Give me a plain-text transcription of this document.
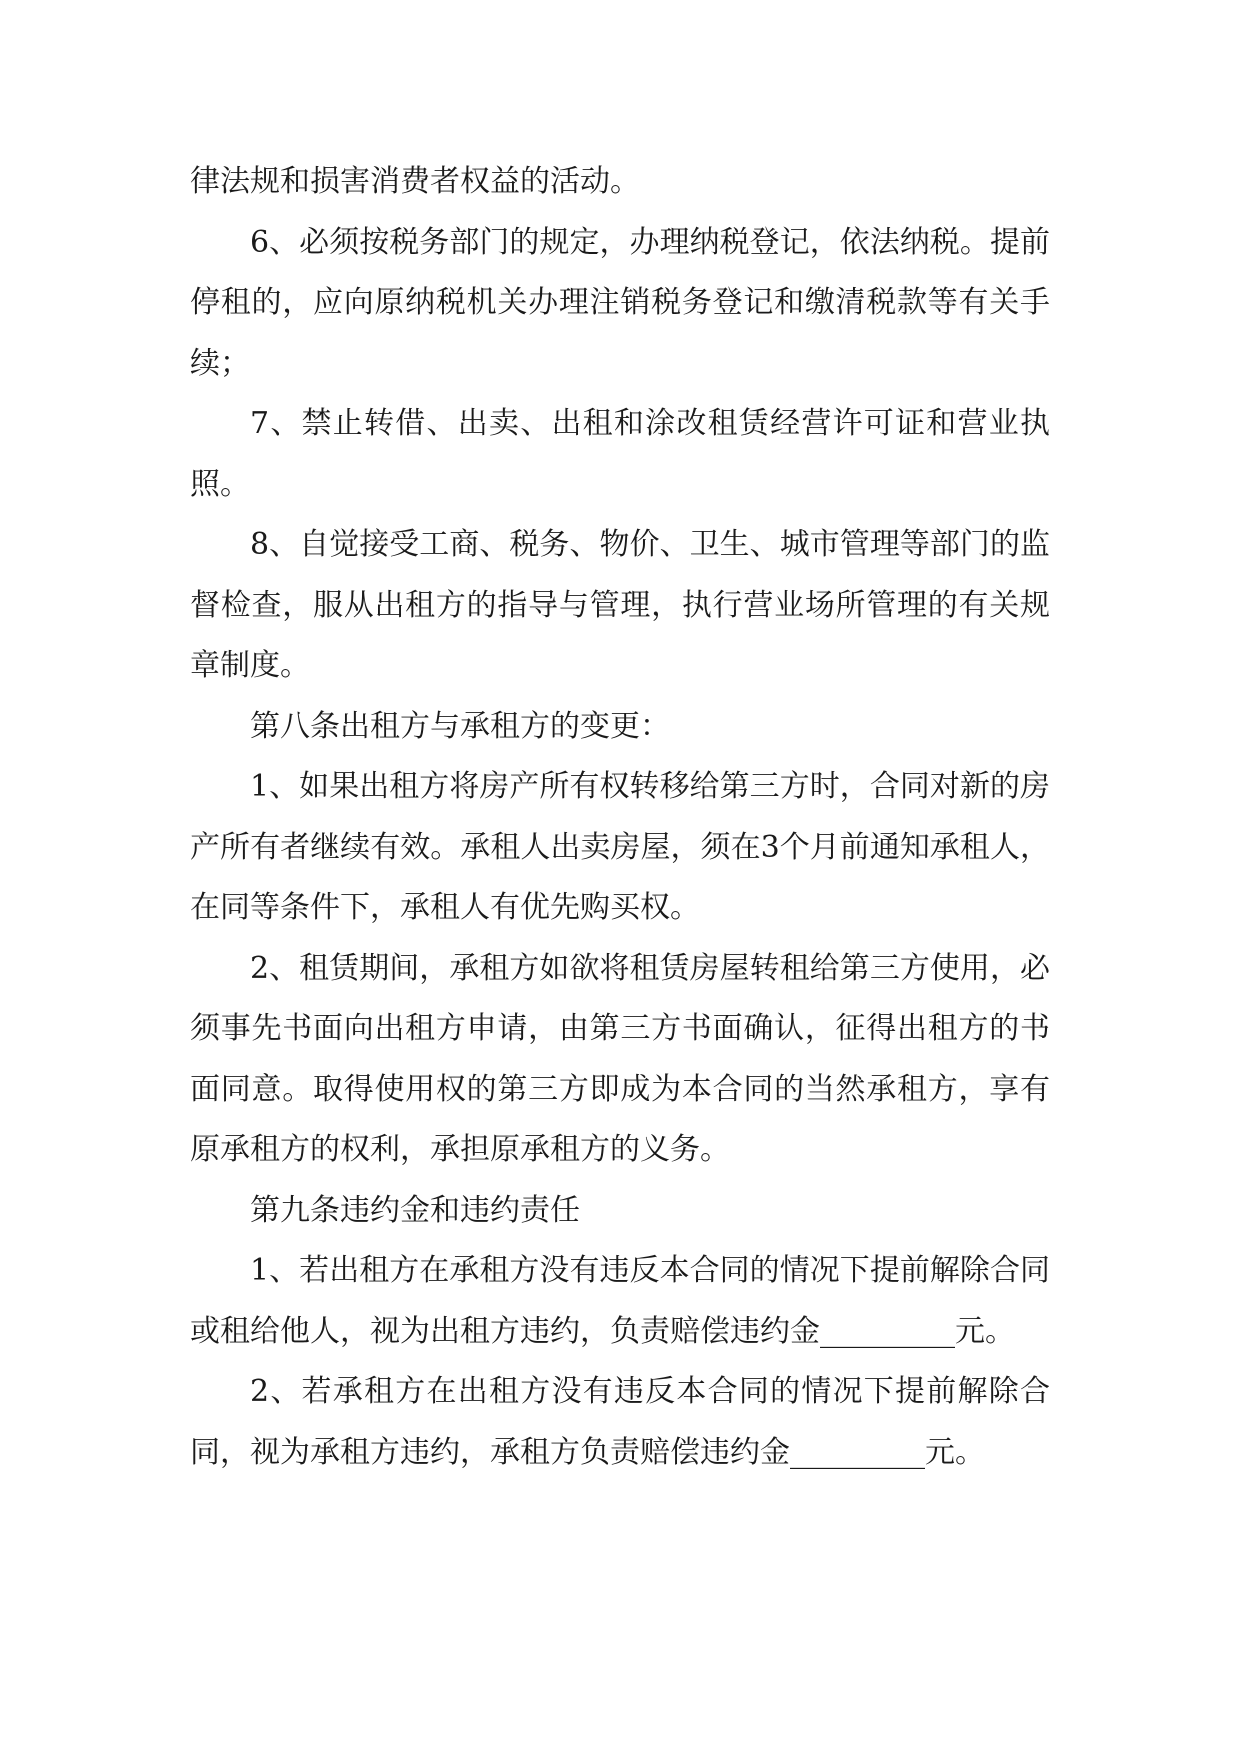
律法规和损害消费者权益的活动。

6、必须按税务部门的规定，办理纳税登记，依法纳税。提前停租的，应向原纳税机关办理注销税务登记和缴清税款等有关手续；

7、禁止转借、出卖、出租和涂改租赁经营许可证和营业执照。

8、自觉接受工商、税务、物价、卫生、城市管理等部门的监督检查，服从出租方的指导与管理，执行营业场所管理的有关规章制度。

第八条出租方与承租方的变更：

1、如果出租方将房产所有权转移给第三方时，合同对新的房产所有者继续有效。承租人出卖房屋，须在3个月前通知承租人，在同等条件下，承租人有优先购买权。

2、租赁期间，承租方如欲将租赁房屋转租给第三方使用，必须事先书面向出租方申请，由第三方书面确认，征得出租方的书面同意。取得使用权的第三方即成为本合同的当然承租方，享有原承租方的权利，承担原承租方的义务。

第九条违约金和违约责任

1、若出租方在承租方没有违反本合同的情况下提前解除合同或租给他人，视为出租方违约，负责赔偿违约金_________元。

2、若承租方在出租方没有违反本合同的情况下提前解除合同，视为承租方违约，承租方负责赔偿违约金_________元。
